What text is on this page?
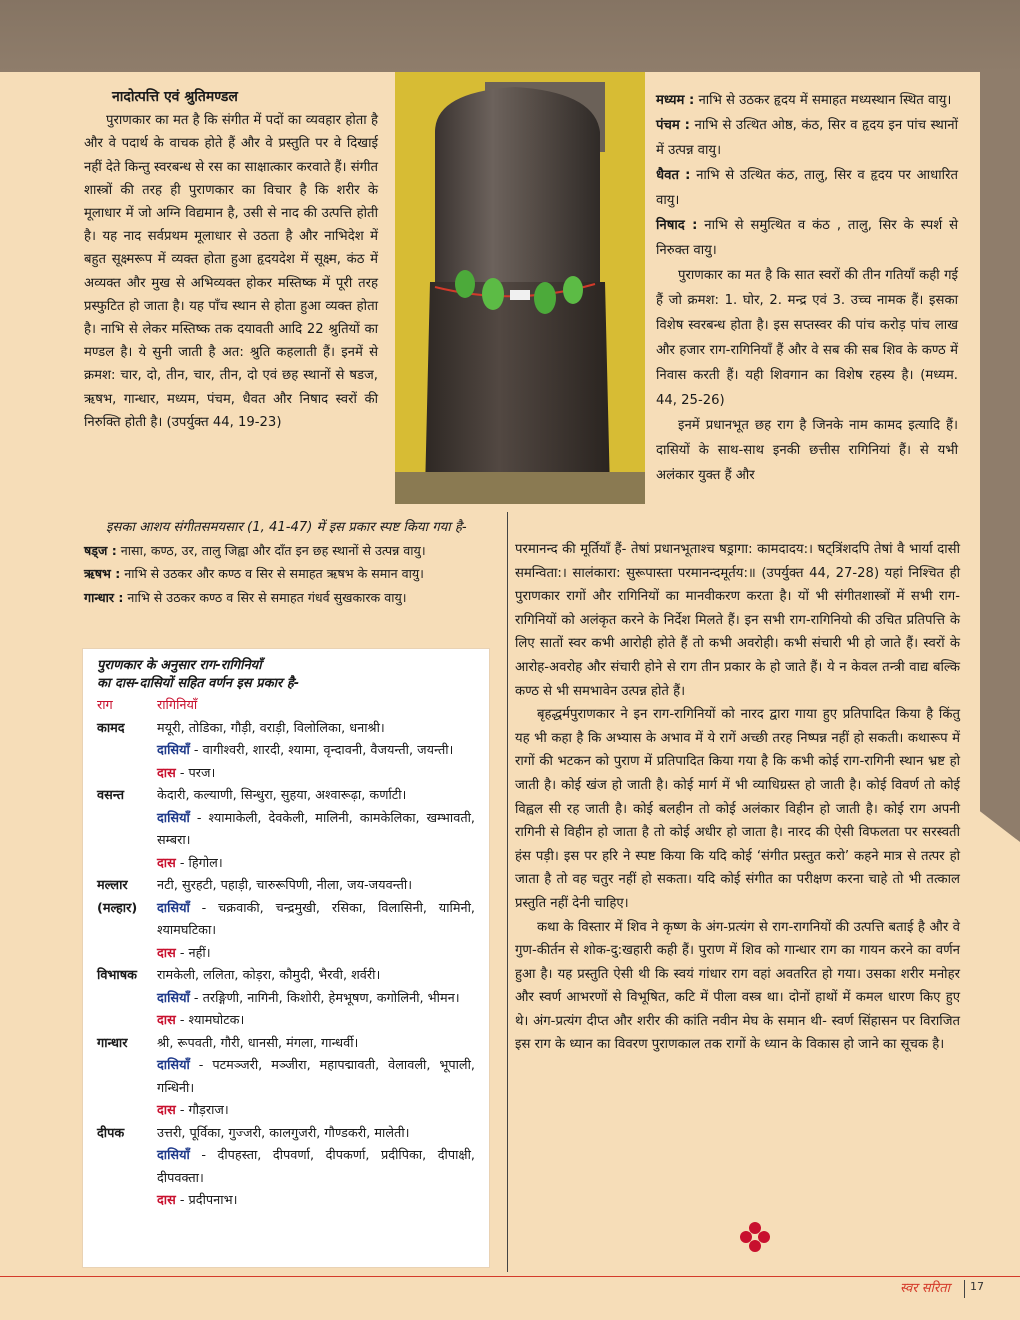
नादोत्पत्ति एवं श्रुतिमण्डल

पुराणकार का मत है कि संगीत में पदों का व्यवहार होता है और वे पदार्थ के वाचक होते हैं और वे प्रस्तुति पर वे दिखाई नहीं देते किन्तु स्वरबन्ध से रस का साक्षात्कार करवाते हैं। संगीत शास्त्रों की तरह ही पुराणकार का विचार है कि शरीर के मूलाधार में जो अग्नि विद्यमान है, उसी से नाद की उत्पत्ति होती है। यह नाद सर्वप्रथम मूलाधार से उठता है और नाभिदेश में बहुत सूक्ष्मरूप में व्यक्त होता हुआ हृदयदेश में सूक्ष्म, कंठ में अव्यक्त और मुख से अभिव्यक्त होकर मस्तिष्क में पूरी तरह प्रस्फुटित हो जाता है। यह पाँच स्थान से होता हुआ व्यक्त होता है। नाभि से लेकर मस्तिष्क तक दयावती आदि 22 श्रुतियों का मण्डल है। ये सुनी जाती है अत: श्रुति कहलाती हैं। इनमें से क्रमश: चार, दो, तीन, चार, तीन, दो एवं छह स्थानों से षडज, ऋषभ, गान्धार, मध्यम, पंचम, धैवत और निषाद स्वरों की निरुक्ति होती है। (उपर्युक्त 44, 19-23)

इसका आशय संगीतसमयसार (1, 41-47) में इस प्रकार स्पष्ट किया गया है-

षड्ज : नासा, कण्ठ, उर, तालु जिह्वा और दाँत इन छह स्थानों से उत्पन्न वायु।

ऋषभ : नाभि से उठकर और कण्ठ व सिर से समाहत ऋषभ के समान वायु।

गान्धार : नाभि से उठकर कण्ठ व सिर से समाहत गंधर्व सुखकारक वायु।

मध्यम : नाभि से उठकर हृदय में समाहत मध्यस्थान स्थित वायु।

पंचम : नाभि से उत्थित ओष्ठ, कंठ, सिर व हृदय इन पांच स्थानों में उत्पन्न वायु।

धैवत : नाभि से उत्थित कंठ, तालु, सिर व हृदय पर आधारित वायु।

निषाद : नाभि से समुत्थित व कंठ , तालु, सिर के स्पर्श से निरुक्त वायु।

पुराणकार का मत है कि सात स्वरों की तीन गतियाँ कही गई हैं जो क्रमश: 1. घोर, 2. मन्द्र एवं 3. उच्च नामक हैं। इसका विशेष स्वरबन्ध होता है। इस सप्तस्वर की पांच करोड़ पांच लाख और हजार राग-रागिनियाँ हैं और वे सब की सब शिव के कण्ठ में निवास करती हैं। यही शिवगान का विशेष रहस्य है। (मध्यम. 44, 25-26)

इनमें प्रधानभूत छह राग है जिनके नाम कामद इत्यादि हैं। दासियों के साथ-साथ इनकी छत्तीस रागिनियां हैं। से यभी अलंकार युक्त हैं और

परमानन्द की मूर्तियाँ हैं- तेषां प्रधानभूताश्च षड्रागा: कामदादय:। षट्त्रिंशदपि तेषां वै भार्या दासी समन्विता:। सालंकारा: सुरूपास्ता परमानन्दमूर्तय:॥ (उपर्युक्त 44, 27-28) यहां निश्चित ही पुराणकार रागों और रागिनियों का मानवीकरण करता है। यों भी संगीतशास्त्रों में सभी राग-रागिनियों को अलंकृत करने के निर्देश मिलते हैं। इन सभी राग-रागिनियो की उचित प्रतिपत्ति के लिए सातों स्वर कभी आरोही होते हैं तो कभी अवरोही। कभी संचारी भी हो जाते हैं। स्वरों के आरोह-अवरोह और संचारी होने से राग तीन प्रकार के हो जाते हैं। ये न केवल तन्त्री वाद्य बल्कि कण्ठ से भी समभावेन उत्पन्न होते हैं।

बृहद्धर्मपुराणकार ने इन राग-रागिनियों को नारद द्वारा गाया हुए प्रतिपादित किया है किंतु यह भी कहा है कि अभ्यास के अभाव में ये रागें अच्छी तरह निष्पन्न नहीं हो सकती। कथारूप में रागों की भटकन को पुराण में प्रतिपादित किया गया है कि कभी कोई राग-रागिनी स्थान भ्रष्ट हो जाती है। कोई खंज हो जाती है। कोई मार्ग में भी व्याधिग्रस्त हो जाती है। कोई विवर्ण तो कोई विह्वल सी रह जाती है। कोई बलहीन तो कोई अलंकार विहीन हो जाती है। कोई राग अपनी रागिनी से विहीन हो जाता है तो कोई अधीर हो जाता है। नारद की ऐसी विफलता पर सरस्वती हंस पड़ी। इस पर हरि ने स्पष्ट किया कि यदि कोई ‘संगीत प्रस्तुत करो’ कहने मात्र से तत्पर हो जाता है तो वह चतुर नहीं हो सकता। यदि कोई संगीत का परीक्षण करना चाहे तो भी तत्काल प्रस्तुति नहीं देनी चाहिए।

कथा के विस्तार में शिव ने कृष्ण के अंग-प्रत्यंग से राग-रागनियों की उत्पत्ति बताई है और वे गुण-कीर्तन से शोक-दु:खहारी कही हैं। पुराण में शिव को गान्धार राग का गायन करने का वर्णन हुआ है। यह प्रस्तुति ऐसी थी कि स्वयं गांधार राग वहां अवतरित हो गया। उसका शरीर मनोहर और स्वर्ण आभरणों से विभूषित, कटि में पीला वस्त्र था। दोनों हाथों में कमल धारण किए हुए थे। अंग-प्रत्यंग दीप्त और शरीर की कांति नवीन मेघ के समान थी- स्वर्ण सिंहासन पर विराजित इस राग के ध्यान का विवरण पुराणकाल तक रागों के ध्यान के विकास हो जाने का सूचक है।

पुराणकार के अनुसार राग-रागिनियाँ
का दास-दासियों सहित वर्णन इस प्रकार है-
राग	रागिनियाँ
कामद	मयूरी, तोडिका, गौड़ी, वराड़ी, विलोलिका, धनाश्री।
दासियाँ - वागीश्वरी, शारदी, श्यामा, वृन्दावनी, वैजयन्ती, जयन्ती।
दास - परज।
वसन्त	केदारी, कल्याणी, सिन्धुरा, सुहया, अश्वारूढ़ा, कर्णाटी।
दासियाँ - श्यामाकेली, देवकेली, मालिनी, कामकेलिका, खम्भावती, सम्बरा।
दास - हिगोल।
मल्लार	नटी, सुरहटी, पहाड़ी, चारुरूपिणी, नीला, जय-जयवन्ती।
(मल्हार)	दासियाँ - चक्रवाकी, चन्द्रमुखी, रसिका, विलासिनी, यामिनी, श्यामघटिका।
दास - नहीं।
विभाषक	रामकेली, ललिता, कोड़रा, कौमुदी, भैरवी, शर्वरी।
दासियाँ - तरङ्गिणी, नागिनी, किशोरी, हेमभूषण, कगोलिनी, भीमन।
दास - श्यामघोटक।
गान्धार	श्री, रूपवती, गौरी, धानसी, मंगला, गान्धर्वी।
दासियाँ - पटमञ्जरी, मञ्जीरा, महापद्मावती, वेलावली, भूपाली, गन्धिनी।
दास - गौड़राज।
दीपक	उत्तरी, पूर्विका, गुज्जरी, कालगुजरी, गौण्डकरी, मालेती।
दासियाँ - दीपहस्ता, दीपवर्णा, दीपकर्णा, प्रदीपिका, दीपाक्षी, दीपवक्ता।
दास - प्रदीपनाभ।
स्वर सरिता 17
